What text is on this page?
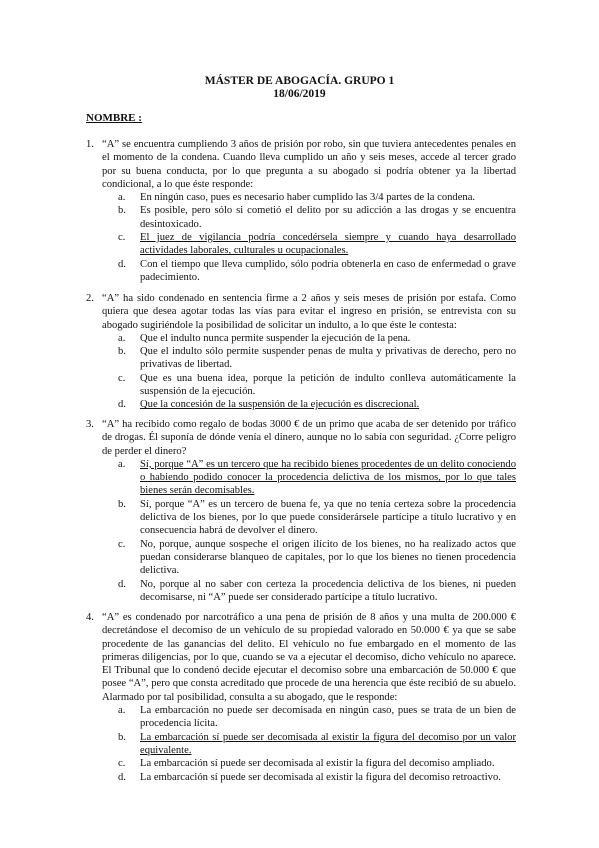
MÁSTER DE ABOGACÍA. GRUPO 1
18/06/2019
NOMBRE :
1. “A” se encuentra cumpliendo 3 años de prisión por robo, sin que tuviera antecedentes penales en el momento de la condena. Cuando lleva cumplido un año y seis meses, accede al tercer grado por su buena conducta, por lo que pregunta a su abogado si podría obtener ya la libertad condicional, a lo que éste responde:
a. En ningún caso, pues es necesario haber cumplido las 3/4 partes de la condena.
b. Es posible, pero sólo si cometió el delito por su adicción a las drogas y se encuentra desintoxicado.
c. El juez de vigilancia podría concedérsela siempre y cuando haya desarrollado actividades laborales, culturales u ocupacionales.
d. Con el tiempo que lleva cumplido, sólo podría obtenerla en caso de enfermedad o grave padecimiento.
2. “A” ha sido condenado en sentencia firme a 2 años y seis meses de prisión por estafa. Como quiera que desea agotar todas las vías para evitar el ingreso en prisión, se entrevista con su abogado sugiriéndole la posibilidad de solicitar un indulto, a lo que éste le contesta:
a. Que el indulto nunca permite suspender la ejecución de la pena.
b. Que el indulto sólo permite suspender penas de multa y privativas de derecho, pero no privativas de libertad.
c. Que es una buena idea, porque la petición de indulto conlleva automáticamente la suspensión de la ejecución.
d. Que la concesión de la suspensión de la ejecución es discrecional.
3. “A” ha recibido como regalo de bodas 3000 € de un primo que acaba de ser detenido por tráfico de drogas. Él suponía de dónde venía el dinero, aunque no lo sabía con seguridad. ¿Corre peligro de perder el dinero?
a. Sí, porque “A” es un tercero que ha recibido bienes procedentes de un delito conociendo o habiendo podido conocer la procedencia delictiva de los mismos, por lo que tales bienes serán decomisables.
b. Sí, porque “A” es un tercero de buena fe, ya que no tenía certeza sobre la procedencia delictiva de los bienes, por lo que puede considerársele partícipe a título lucrativo y en consecuencia habrá de devolver el dinero.
c. No, porque, aunque sospeche el origen ilícito de los bienes, no ha realizado actos que puedan considerarse blanqueo de capitales, por lo que los bienes no tienen procedencia delictiva.
d. No, porque al no saber con certeza la procedencia delictiva de los bienes, ni pueden decomisarse, ni “A” puede ser considerado partícipe a título lucrativo.
4. “A” es condenado por narcotráfico a una pena de prisión de 8 años y una multa de 200.000 € decretándose el decomiso de un vehículo de su propiedad valorado en 50.000 € ya que se sabe procedente de las ganancias del delito. El vehículo no fue embargado en el momento de las primeras diligencias, por lo que, cuando se va a ejecutar el decomiso, dicho vehículo no aparece. El Tribunal que lo condenó decide ejecutar el decomiso sobre una embarcación de 50.000 € que posee “A”, pero que consta acreditado que procede de una herencia que éste recibió de su abuelo. Alarmado por tal posibilidad, consulta a su abogado, que le responde:
a. La embarcación no puede ser decomisada en ningún caso, pues se trata de un bien de procedencia lícita.
b. La embarcación sí puede ser decomisada al existir la figura del decomiso por un valor equivalente.
c. La embarcación sí puede ser decomisada al existir la figura del decomiso ampliado.
d. La embarcación sí puede ser decomisada al existir la figura del decomiso retroactivo.
